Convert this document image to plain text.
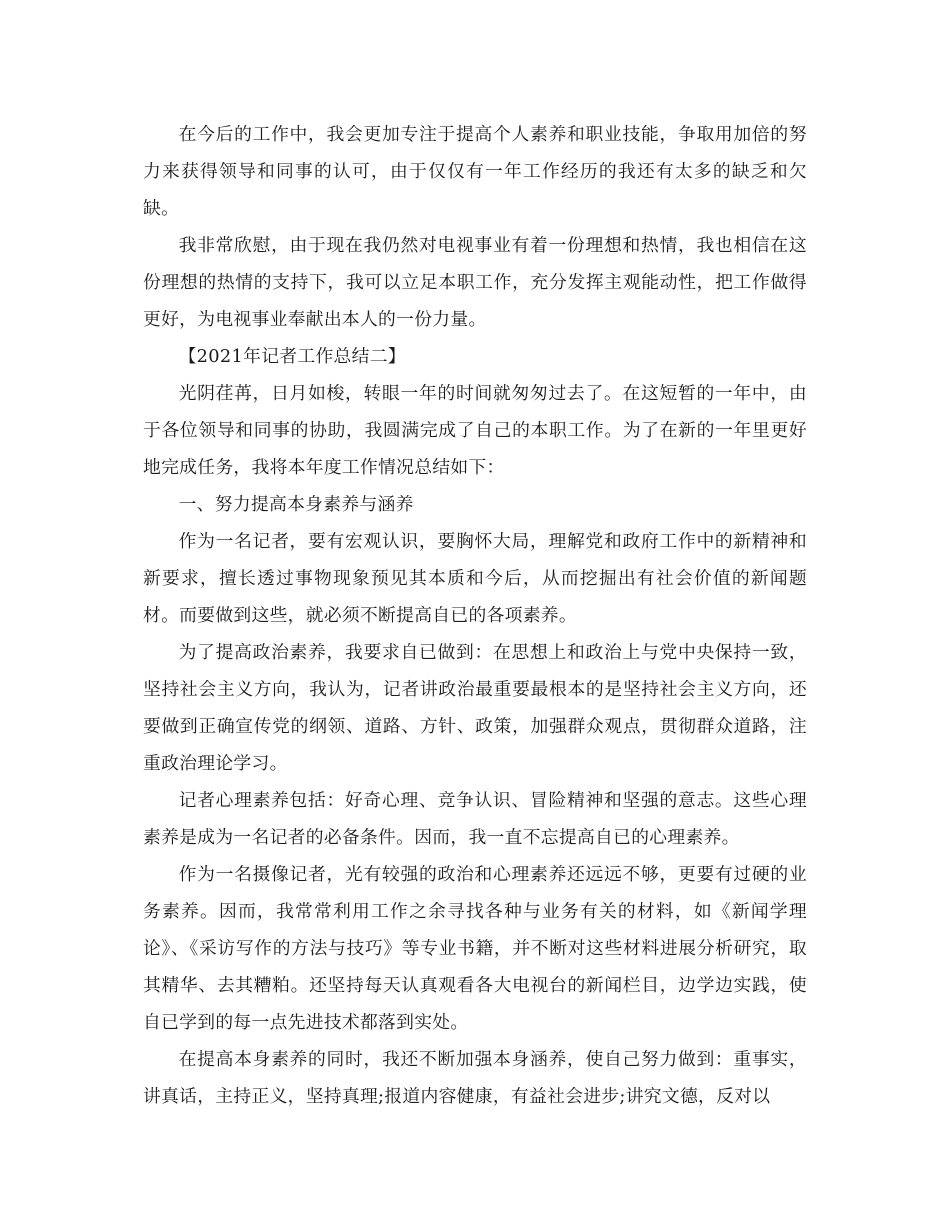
在今后的工作中，我会更加专注于提高个人素养和职业技能，争取用加倍的努力来获得领导和同事的认可，由于仅仅有一年工作经历的我还有太多的缺乏和欠缺。

我非常欣慰，由于现在我仍然对电视事业有着一份理想和热情，我也相信在这份理想的热情的支持下，我可以立足本职工作，充分发挥主观能动性，把工作做得更好，为电视事业奉献出本人的一份力量。

【2021年记者工作总结二】

光阴荏苒，日月如梭，转眼一年的时间就匆匆过去了。在这短暂的一年中，由于各位领导和同事的协助，我圆满完成了自己的本职工作。为了在新的一年里更好地完成任务，我将本年度工作情况总结如下：

一、努力提高本身素养与涵养

作为一名记者，要有宏观认识，要胸怀大局，理解党和政府工作中的新精神和新要求，擅长透过事物现象预见其本质和今后，从而挖掘出有社会价值的新闻题材。而要做到这些，就必须不断提高自已的各项素养。

为了提高政治素养，我要求自已做到：在思想上和政治上与党中央保持一致，坚持社会主义方向，我认为，记者讲政治最重要最根本的是坚持社会主义方向，还要做到正确宣传党的纲领、道路、方针、政策，加强群众观点，贯彻群众道路，注重政治理论学习。

记者心理素养包括：好奇心理、竞争认识、冒险精神和坚强的意志。这些心理素养是成为一名记者的必备条件。因而，我一直不忘提高自已的心理素养。

作为一名摄像记者，光有较强的政治和心理素养还远远不够，更要有过硬的业务素养。因而，我常常利用工作之余寻找各种与业务有关的材料，如《新闻学理论》、《采访写作的方法与技巧》等专业书籍，并不断对这些材料进展分析研究，取其精华、去其糟粕。还坚持每天认真观看各大电视台的新闻栏目，边学边实践，使自已学到的每一点先进技术都落到实处。

在提高本身素养的同时，我还不断加强本身涵养，使自己努力做到：重事实，讲真话，主持正义，坚持真理;报道内容健康，有益社会进步;讲究文德，反对以
